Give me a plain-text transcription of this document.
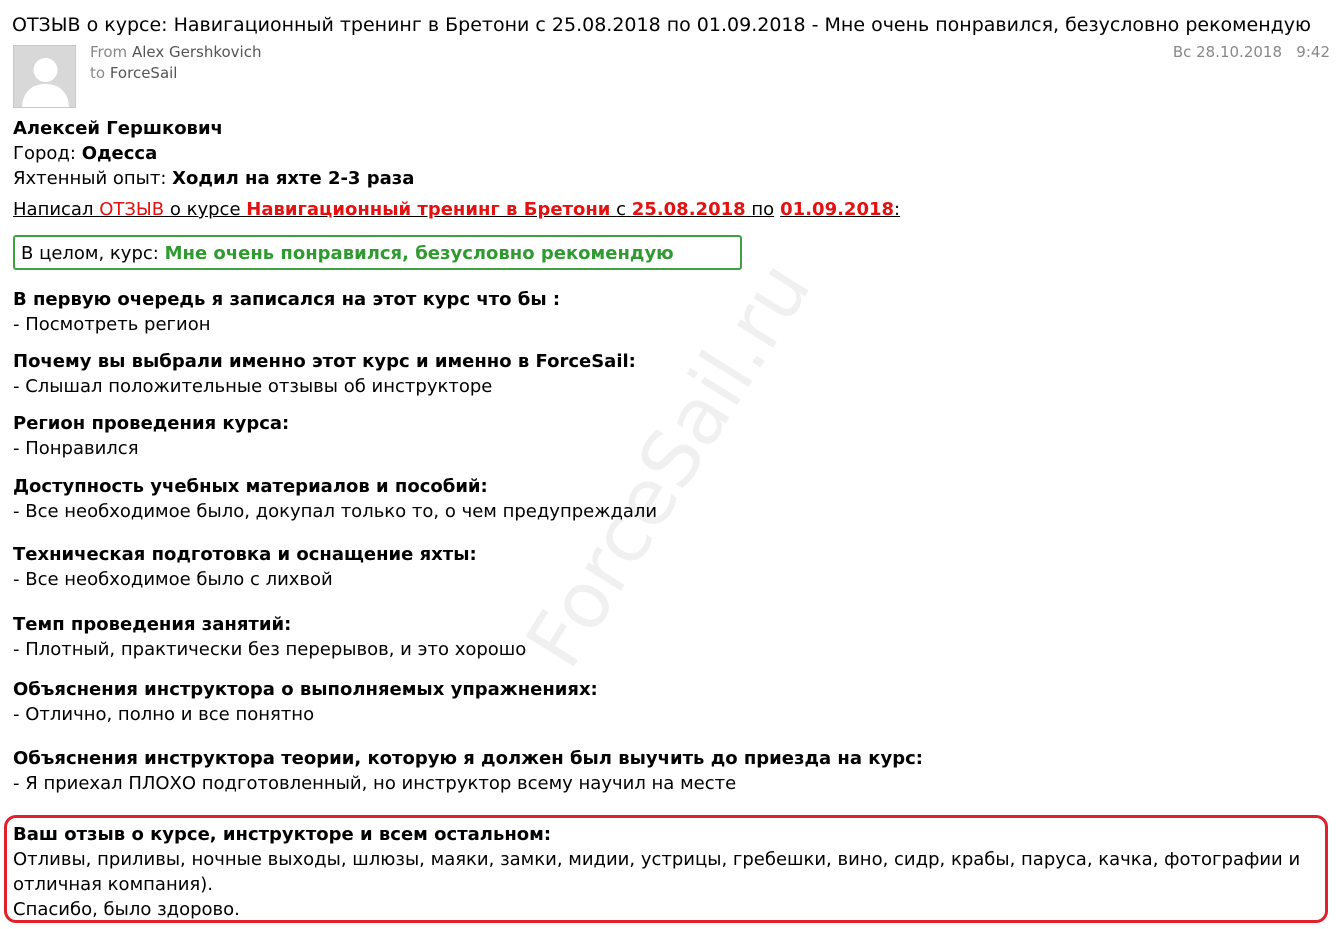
ForceSail.ru
ОТЗЫВ о курсе: Навигационный тренинг в Бретони с 25.08.2018 по 01.09.2018 - Мне очень понравился, безусловно рекомендую
From Alex Gershkovich
to ForceSail
Вс 28.10.2018   9:42
Алексей Гершкович
Город: Одесса
Яхтенный опыт: Ходил на яхте 2-3 раза
Написал ОТЗЫВ о курсе Навигационный тренинг в Бретони с 25.08.2018 по 01.09.2018:
В целом, курс: Мне очень понравился, безусловно рекомендую
В первую очередь я записался на этот курс что бы :
- Посмотреть регион
Почему вы выбрали именно этот курс и именно в ForceSail:
- Слышал положительные отзывы об инструкторе
Регион проведения курса:
- Понравился
Доступность учебных материалов и пособий:
- Все необходимое было, докупал только то, о чем предупреждали
Техническая подготовка и оснащение яхты:
- Все необходимое было с лихвой
Темп проведения занятий:
- Плотный, практически без перерывов, и это хорошо
Объяснения инструктора о выполняемых упражнениях:
- Отлично, полно и все понятно
Объяснения инструктора теории, которую я должен был выучить до приезда на курс:
- Я приехал ПЛОХО подготовленный, но инструктор всему научил на месте
Ваш отзыв о курсе, инструкторе и всем остальном:
Отливы, приливы, ночные выходы, шлюзы, маяки, замки, мидии, устрицы, гребешки, вино, сидр, крабы, паруса, качка, фотографии и
отличная компания).
Спасибо, было здорово.
